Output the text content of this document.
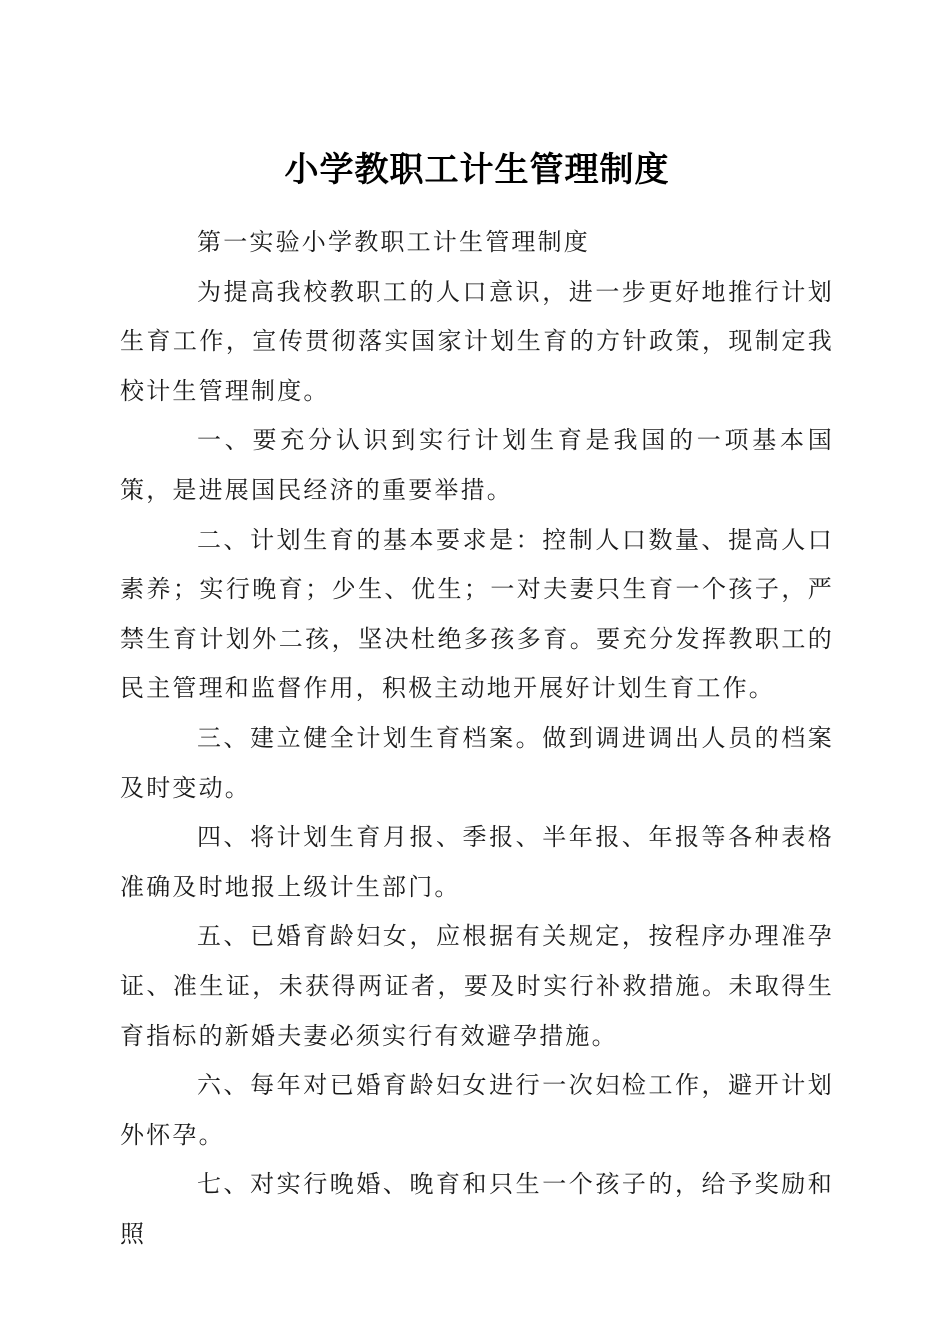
小学教职工计生管理制度

第一实验小学教职工计生管理制度

为提高我校教职工的人口意识，进一步更好地推行计划生育工作，宣传贯彻落实国家计划生育的方针政策，现制定我校计生管理制度。

一、要充分认识到实行计划生育是我国的一项基本国策，是进展国民经济的重要举措。

二、计划生育的基本要求是：控制人口数量、提高人口素养；实行晚育；少生、优生；一对夫妻只生育一个孩子，严禁生育计划外二孩，坚决杜绝多孩多育。要充分发挥教职工的民主管理和监督作用，积极主动地开展好计划生育工作。

三、建立健全计划生育档案。做到调进调出人员的档案及时变动。

四、将计划生育月报、季报、半年报、年报等各种表格准确及时地报上级计生部门。

五、已婚育龄妇女，应根据有关规定，按程序办理准孕证、准生证，未获得两证者，要及时实行补救措施。未取得生育指标的新婚夫妻必须实行有效避孕措施。

六、每年对已婚育龄妇女进行一次妇检工作，避开计划外怀孕。

七、对实行晚婚、晚育和只生一个孩子的，给予奖励和照
